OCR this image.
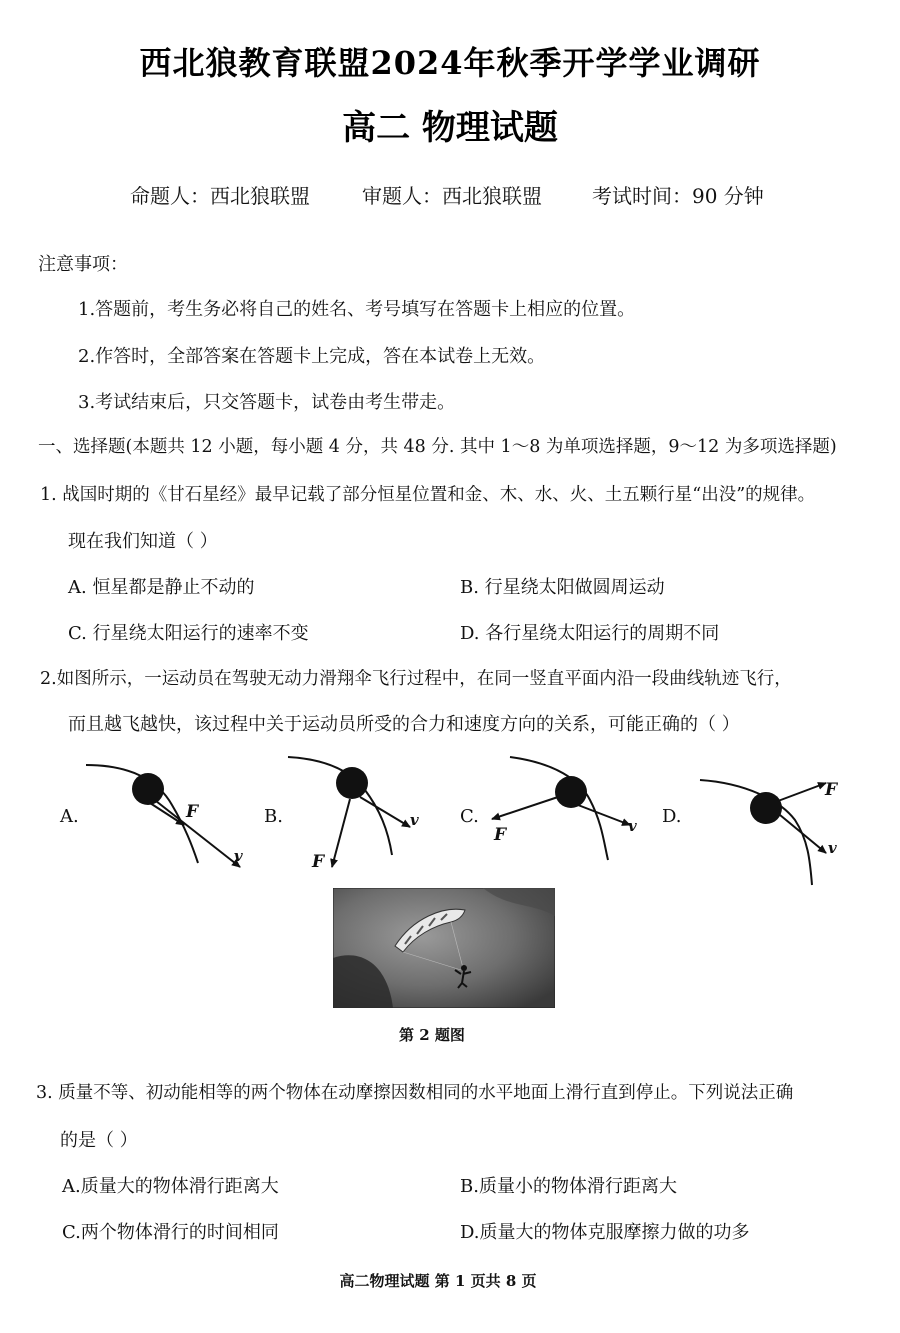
西北狼教育联盟2024年秋季开学学业调研
高二 物理试题
命题人：西北狼联盟	审题人：西北狼联盟	考试时间：90 分钟
注意事项：
1.答题前，考生务必将自己的姓名、考号填写在答题卡上相应的位置。
2.作答时，全部答案在答题卡上完成，答在本试卷上无效。
3.考试结束后，只交答题卡，试卷由考生带走。
一、选择题(本题共 12 小题，每小题 4 分，共 48 分. 其中 1～8 为单项选择题，9～12 为多项选择题)
1. 战国时期的《甘石星经》最早记载了部分恒星位置和金、木、水、火、土五颗行星“出没”的规律。
现在我们知道（ ）
A. 恒星都是静止不动的	B. 行星绕太阳做圆周运动
C. 行星绕太阳运行的速率不变	D. 各行星绕太阳运行的周期不同
2.如图所示，一运动员在驾驶无动力滑翔伞飞行过程中，在同一竖直平面内沿一段曲线轨迹飞行，
而且越飞越快，该过程中关于运动员所受的合力和速度方向的关系，可能正确的（ ）
A.	F
v
B.
F
v C.
F	v D.
F
v
第 2 题图
3. 质量不等、初动能相等的两个物体在动摩擦因数相同的水平地面上滑行直到停止。下列说法正确
的是（ ）
A.质量大的物体滑行距离大	B.质量小的物体滑行距离大
C.两个物体滑行的时间相同	D.质量大的物体克服摩擦力做的功多
高二物理试题 第 1 页共 8 页
